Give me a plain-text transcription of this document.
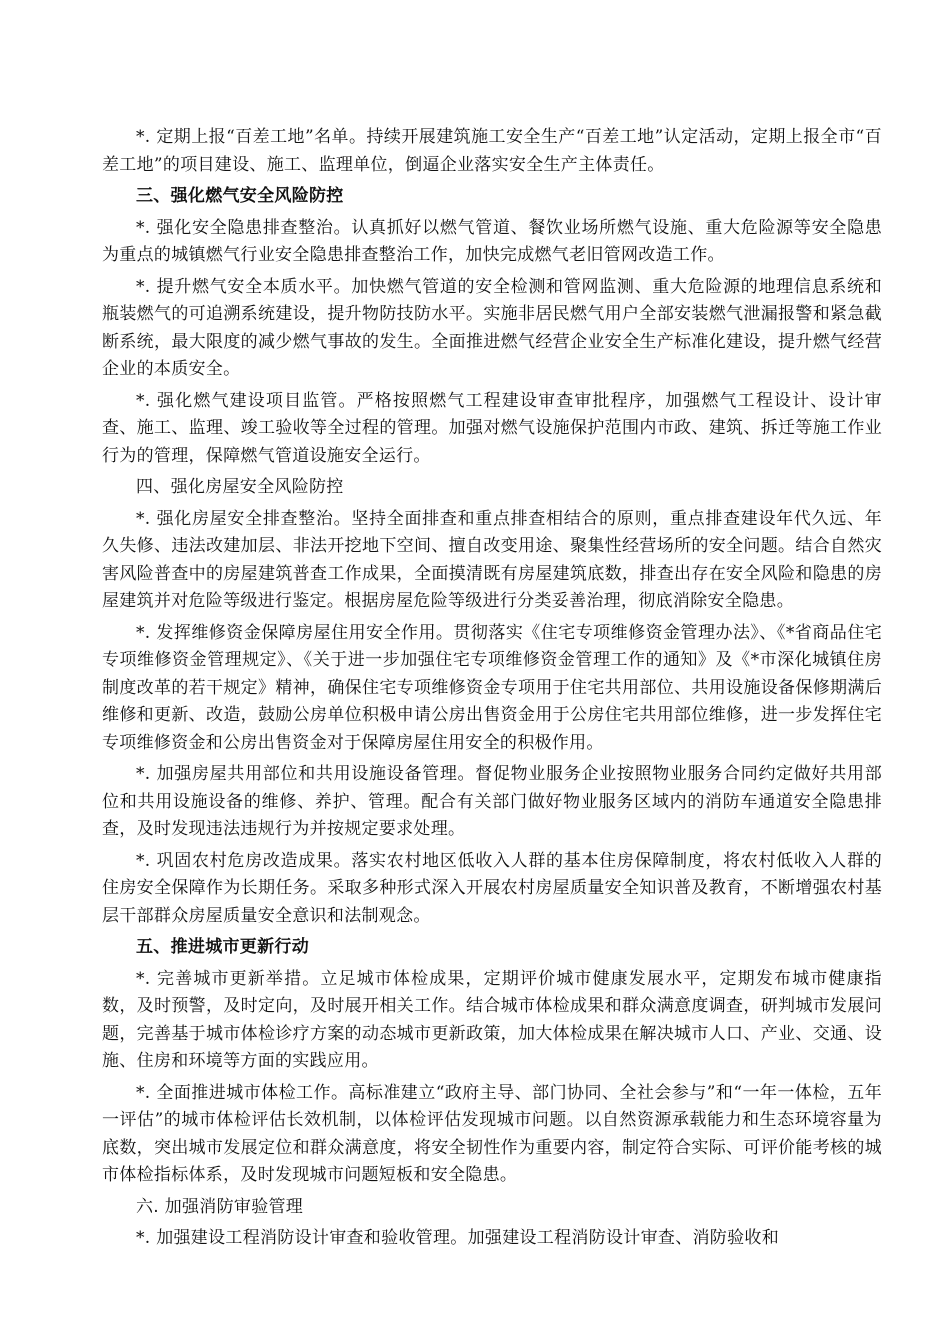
*. 定期上报“百差工地”名单。持续开展建筑施工安全生产“百差工地”认定活动，定期上报全市“百差工地”的项目建设、施工、监理单位，倒逼企业落实安全生产主体责任。

三、强化燃气安全风险防控

*. 强化安全隐患排查整治。认真抓好以燃气管道、餐饮业场所燃气设施、重大危险源等安全隐患为重点的城镇燃气行业安全隐患排查整治工作，加快完成燃气老旧管网改造工作。

*. 提升燃气安全本质水平。加快燃气管道的安全检测和管网监测、重大危险源的地理信息系统和瓶装燃气的可追溯系统建设，提升物防技防水平。实施非居民燃气用户全部安装燃气泄漏报警和紧急截断系统，最大限度的减少燃气事故的发生。全面推进燃气经营企业安全生产标准化建设，提升燃气经营企业的本质安全。

*. 强化燃气建设项目监管。严格按照燃气工程建设审查审批程序，加强燃气工程设计、设计审查、施工、监理、竣工验收等全过程的管理。加强对燃气设施保护范围内市政、建筑、拆迁等施工作业行为的管理，保障燃气管道设施安全运行。

四、强化房屋安全风险防控

*. 强化房屋安全排查整治。坚持全面排查和重点排查相结合的原则，重点排查建设年代久远、年久失修、违法改建加层、非法开挖地下空间、擅自改变用途、聚集性经营场所的安全问题。结合自然灾害风险普查中的房屋建筑普查工作成果，全面摸清既有房屋建筑底数，排查出存在安全风险和隐患的房屋建筑并对危险等级进行鉴定。根据房屋危险等级进行分类妥善治理，彻底消除安全隐患。

*. 发挥维修资金保障房屋住用安全作用。贯彻落实《住宅专项维修资金管理办法》、《*省商品住宅专项维修资金管理规定》、《关于进一步加强住宅专项维修资金管理工作的通知》及《*市深化城镇住房制度改革的若干规定》精神，确保住宅专项维修资金专项用于住宅共用部位、共用设施设备保修期满后维修和更新、改造，鼓励公房单位积极申请公房出售资金用于公房住宅共用部位维修，进一步发挥住宅专项维修资金和公房出售资金对于保障房屋住用安全的积极作用。

*. 加强房屋共用部位和共用设施设备管理。督促物业服务企业按照物业服务合同约定做好共用部位和共用设施设备的维修、养护、管理。配合有关部门做好物业服务区域内的消防车通道安全隐患排查，及时发现违法违规行为并按规定要求处理。

*. 巩固农村危房改造成果。落实农村地区低收入人群的基本住房保障制度，将农村低收入人群的住房安全保障作为长期任务。采取多种形式深入开展农村房屋质量安全知识普及教育，不断增强农村基层干部群众房屋质量安全意识和法制观念。

五、推进城市更新行动

*. 完善城市更新举措。立足城市体检成果，定期评价城市健康发展水平，定期发布城市健康指数，及时预警，及时定向，及时展开相关工作。结合城市体检成果和群众满意度调查，研判城市发展问题，完善基于城市体检诊疗方案的动态城市更新政策，加大体检成果在解决城市人口、产业、交通、设施、住房和环境等方面的实践应用。

*. 全面推进城市体检工作。高标准建立“政府主导、部门协同、全社会参与”和“一年一体检，五年一评估”的城市体检评估长效机制，以体检评估发现城市问题。以自然资源承载能力和生态环境容量为底数，突出城市发展定位和群众满意度，将安全韧性作为重要内容，制定符合实际、可评价能考核的城市体检指标体系，及时发现城市问题短板和安全隐患。

六. 加强消防审验管理

*. 加强建设工程消防设计审查和验收管理。加强建设工程消防设计审查、消防验收和
